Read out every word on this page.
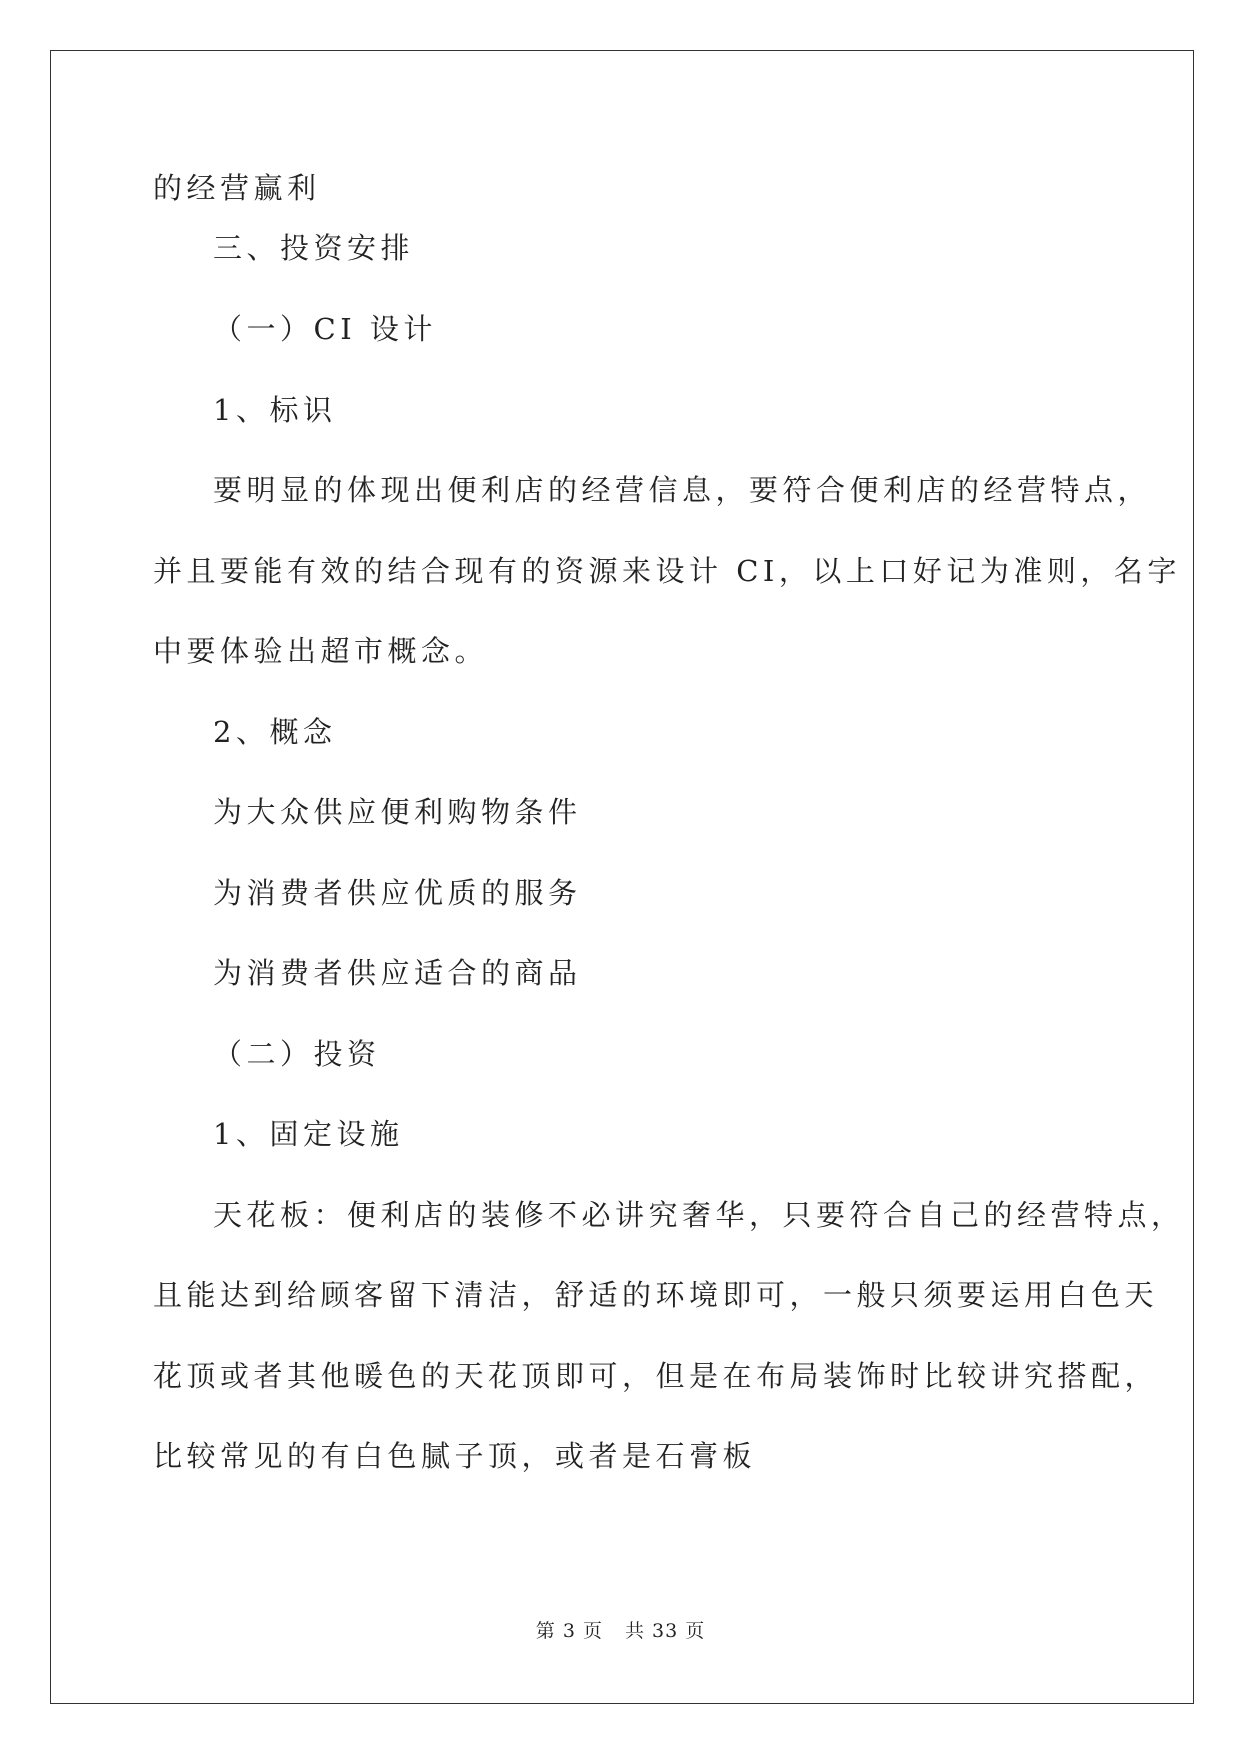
的经营赢利
三、投资安排
（一）CI 设计
1、标识
要明显的体现出便利店的经营信息，要符合便利店的经营特点，
并且要能有效的结合现有的资源来设计 CI，以上口好记为准则，名字
中要体验出超市概念。
2、概念
为大众供应便利购物条件
为消费者供应优质的服务
为消费者供应适合的商品
（二）投资
1、固定设施
天花板：便利店的装修不必讲究奢华，只要符合自己的经营特点，
且能达到给顾客留下清洁，舒适的环境即可，一般只须要运用白色天
花顶或者其他暖色的天花顶即可，但是在布局装饰时比较讲究搭配，
比较常见的有白色腻子顶，或者是石膏板
第 3 页 共 33 页
